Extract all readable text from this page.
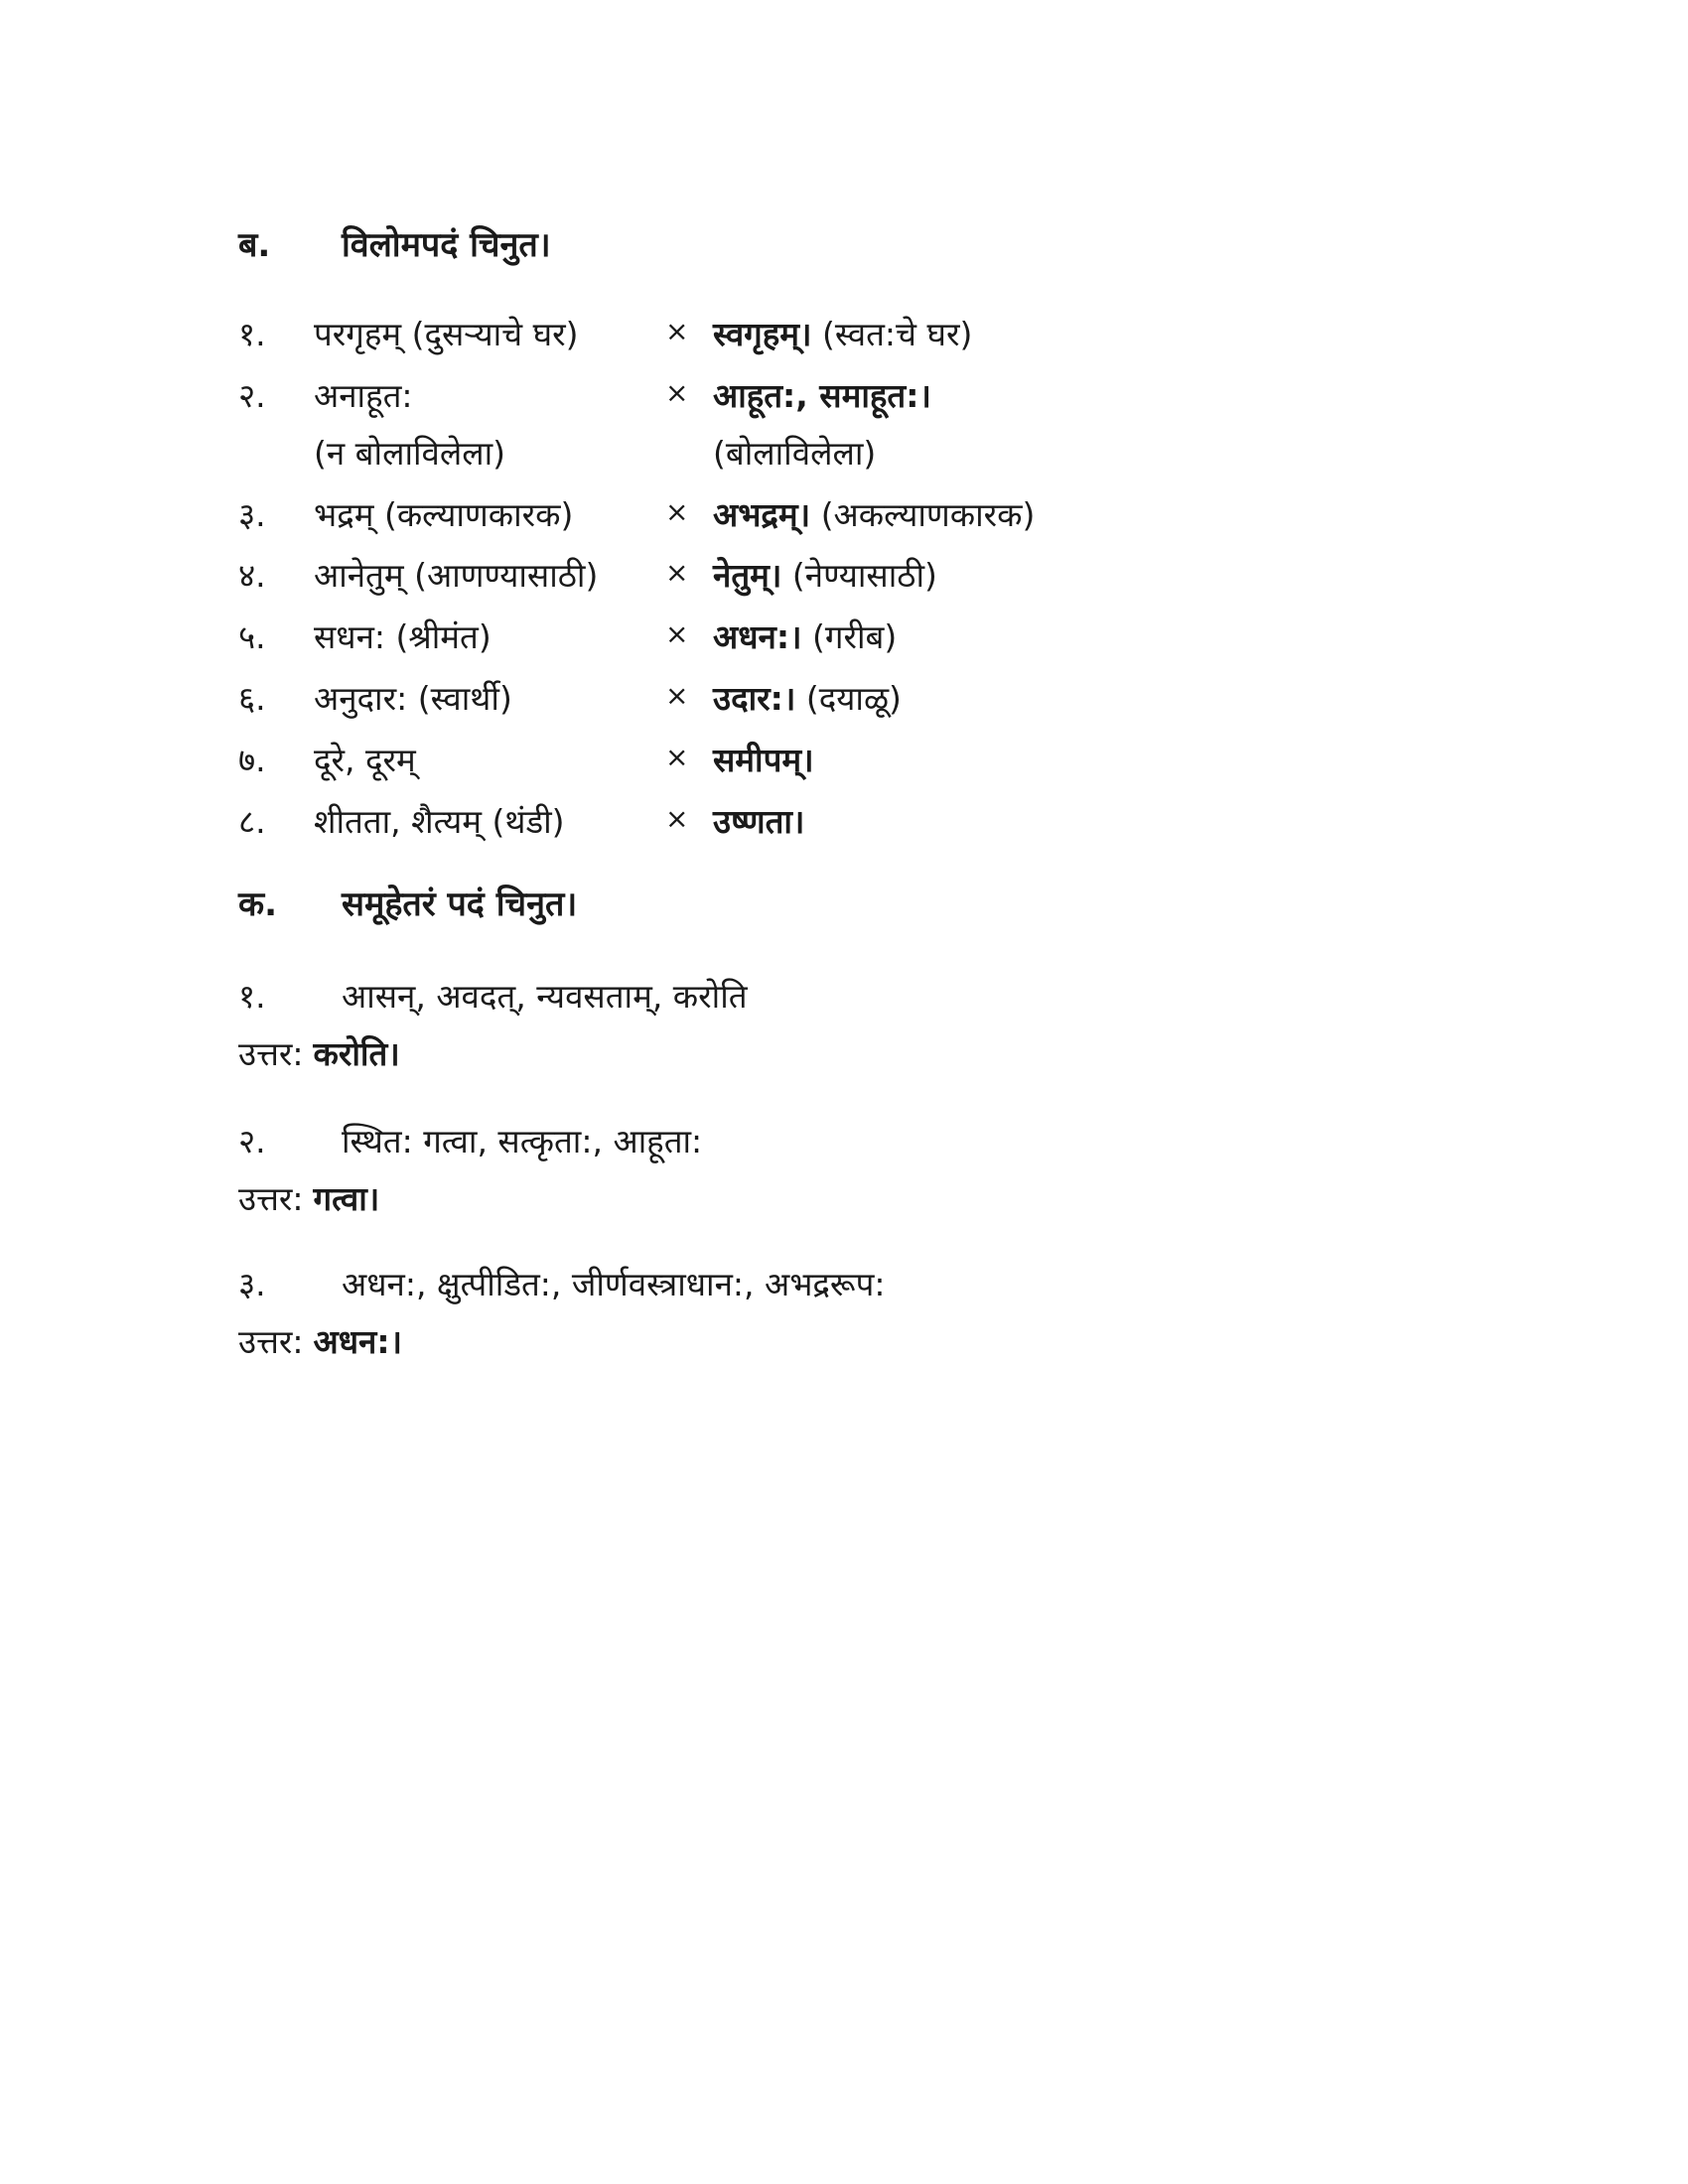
ब. विलोमपदं चिनुत।
१. परगृहम् (दुसऱ्याचे घर)	× स्वगृहम्। (स्वत:चे घर)
२. अनाहूत:	× आहूत:, समाहूत:।
(न बोलाविलेला)	(बोलाविलेला)
३. भद्रम् (कल्याणकारक)	× अभद्रम्। (अकल्याणकारक)
४. आनेतुम् (आणण्यासाठी) × नेतुम्। (नेण्यासाठी)
५. सधन: (श्रीमंत)	× अधन:। (गरीब)
६. अनुदार: (स्वार्थी)	× उदार:। (दयाळू)
७. दूरे, दूरम्	× समीपम्।
८. शीतता, शैत्यम् (थंडी)	× उष्णता।
क. समूहेतरं पदं चिनुत।
१. आसन्, अवदत्, न्यवसताम्, करोति
उत्तर: करोति।
२. स्थित: गत्वा, सत्कृता:, आहूता:
उत्तर: गत्वा।
३. अधन:, क्षुत्पीडित:, जीर्णवस्त्राधान:, अभद्ररूप:
उत्तर: अधन:।
